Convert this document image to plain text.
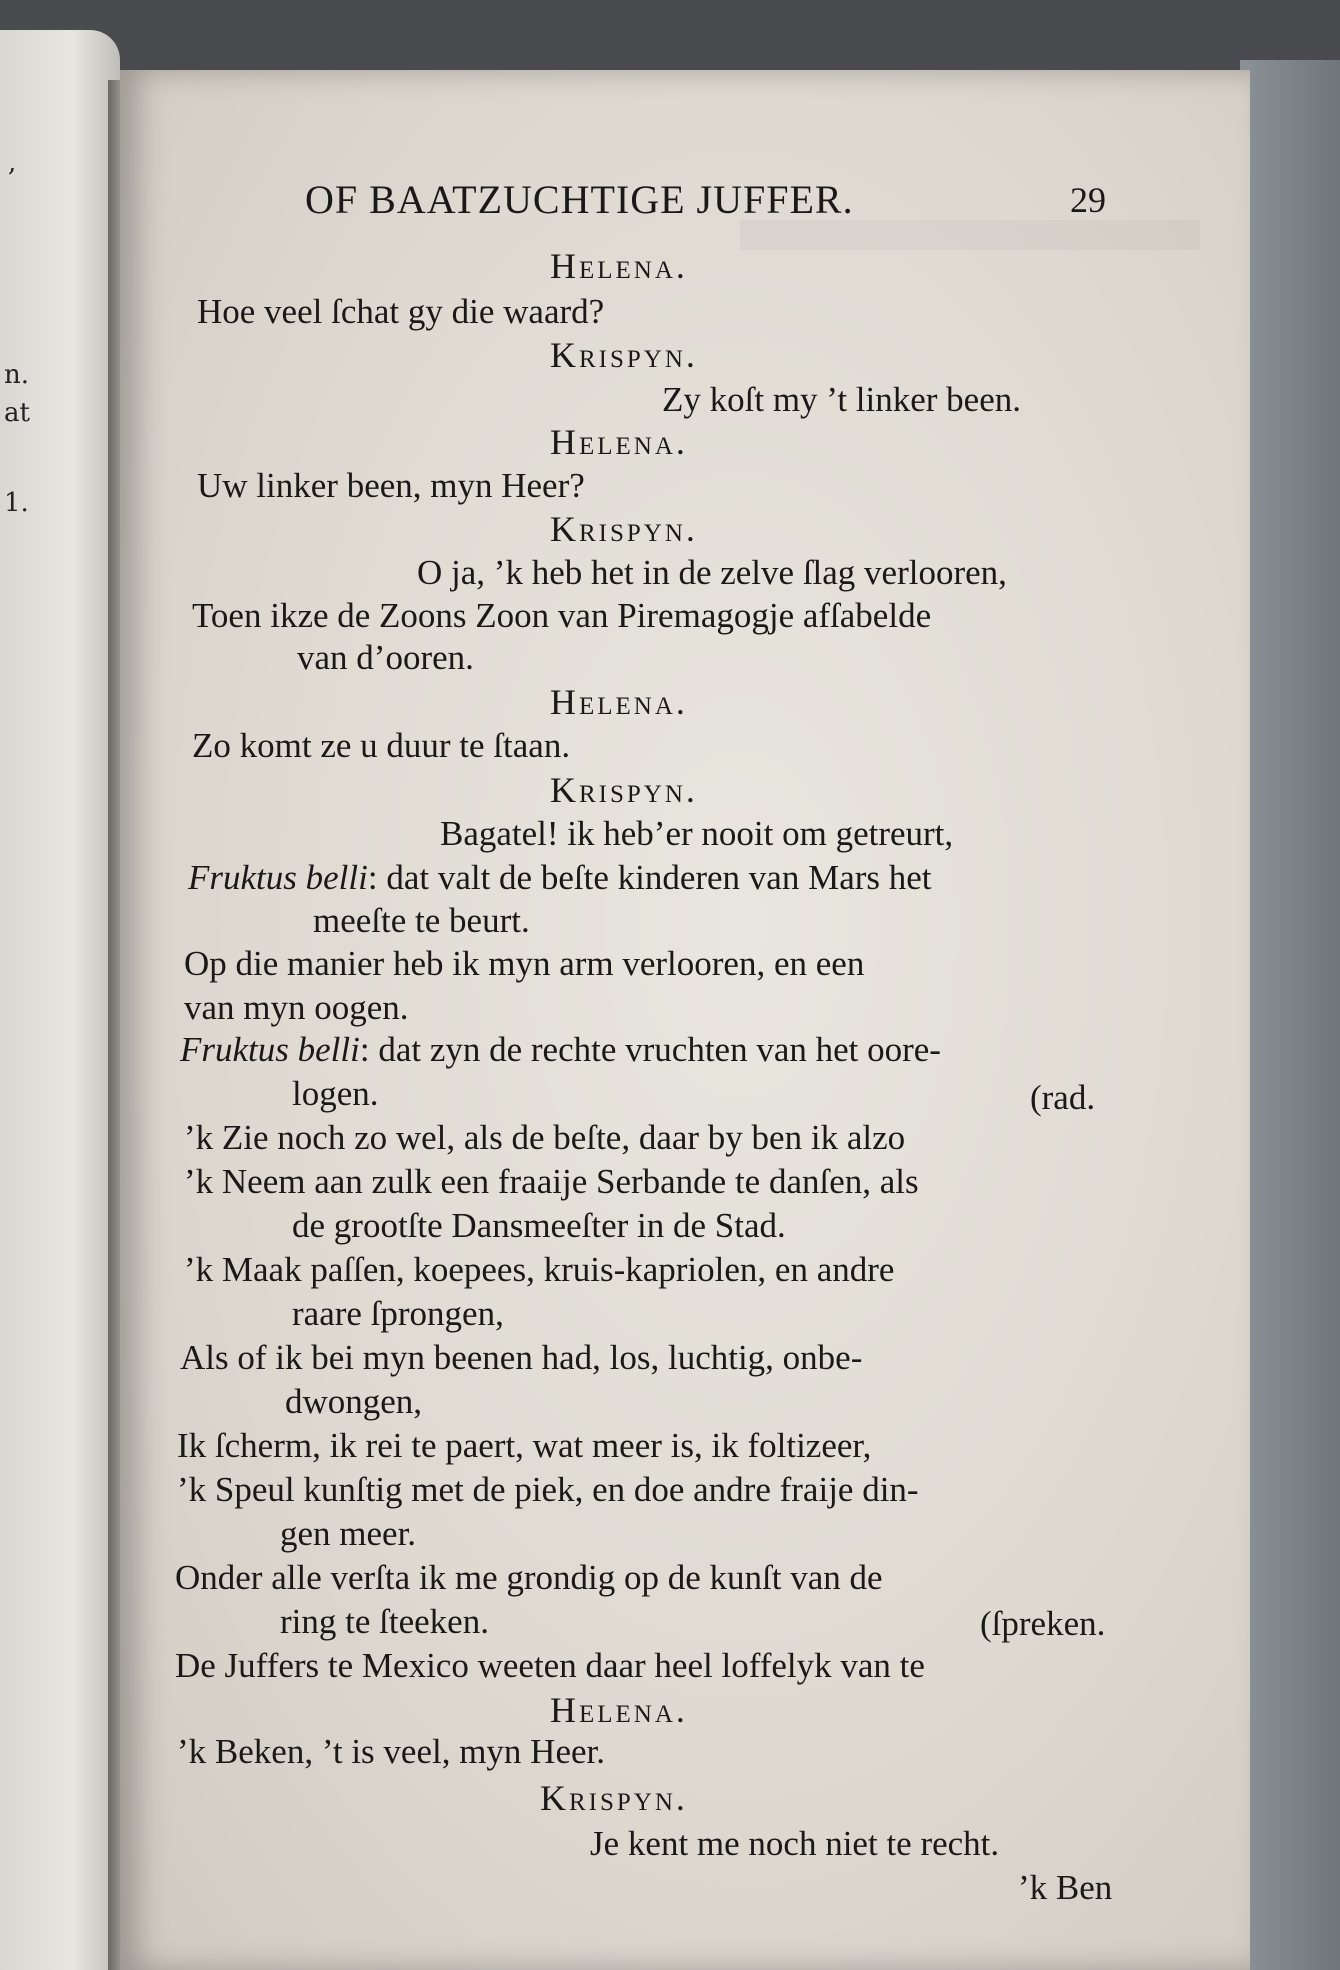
,
n.
at
1.
OF BAATZUCHTIGE JUFFER.	29
Helena.
Hoe veel ſchat gy die waard?
Krispyn.
Zy koſt my ’t linker been.
Helena.
Uw linker been, myn Heer?
Krispyn.
O ja, ’k heb het in de zelve ſlag verlooren,
Toen ikze de Zoons Zoon van Piremagogje afſabelde
van d’ooren.
Helena.
Zo komt ze u duur te ſtaan.
Krispyn.
Bagatel! ik heb’er nooit om getreurt,
Fruktus belli: dat valt de beſte kinderen van Mars het
meeſte te beurt.
Op die manier heb ik myn arm verlooren, en een
van myn oogen.
Fruktus belli: dat zyn de rechte vruchten van het oore-
logen.	(rad.
’k Zie noch zo wel, als de beſte, daar by ben ik alzo
’k Neem aan zulk een fraaije Serbande te danſen, als
de grootſte Dansmeeſter in de Stad.
’k Maak paſſen, koepees, kruis-kapriolen, en andre
raare ſprongen,
Als of ik bei myn beenen had, los, luchtig, onbe-
dwongen,
Ik ſcherm, ik rei te paert, wat meer is, ik foltizeer,
’k Speul kunſtig met de piek, en doe andre fraije din-
gen meer.
Onder alle verſta ik me grondig op de kunſt van de
ring te ſteeken.	(ſpreken.
De Juffers te Mexico weeten daar heel loffelyk van te
Helena.
’k Beken, ’t is veel, myn Heer.
Krispyn.
Je kent me noch niet te recht.
’k Ben
